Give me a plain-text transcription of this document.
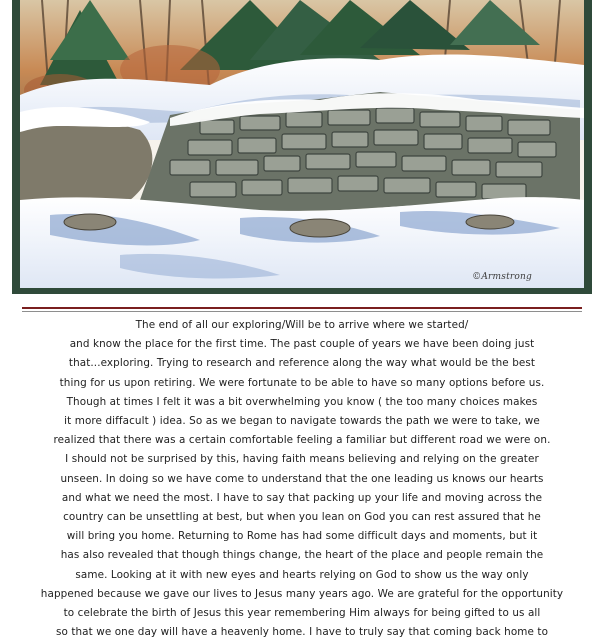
©Armstrong
The end of all our exploring/Will be to arrive where we started/
and know the place for the first time. The past couple of years we have been doing just
that...exploring. Trying to research and reference along the way what would be the best
thing for us upon retiring. We were fortunate to be able to have so many options before us.
Though at times I felt it was a bit overwhelming you know ( the too many choices makes
it more diffacult ) idea. So as we began to navigate towards the path we were to take, we
realized that there was a certain comfortable feeling a familiar but different road we were on.
I should not be surprised by this, having faith means believing and relying on the greater
unseen. In doing so we have come to understand that the one leading us knows our hearts
and what we need the most. I have to say that packing up your life and moving across the
country can be unsettling at best, but when you lean on God you can rest assured that he
will bring you home. Returning to Rome has had some difficult days and moments, but it
has also revealed that though things change, the heart of the place and people remain the
same. Looking at it with new eyes and hearts relying on God to show us the way only
happened because we gave our lives to Jesus many years ago. We are grateful for the opportunity
to celebrate the birth of Jesus this year remembering Him always for being gifted to us all
so that we one day will have a heavenly home. I have to truly say that coming back home to
